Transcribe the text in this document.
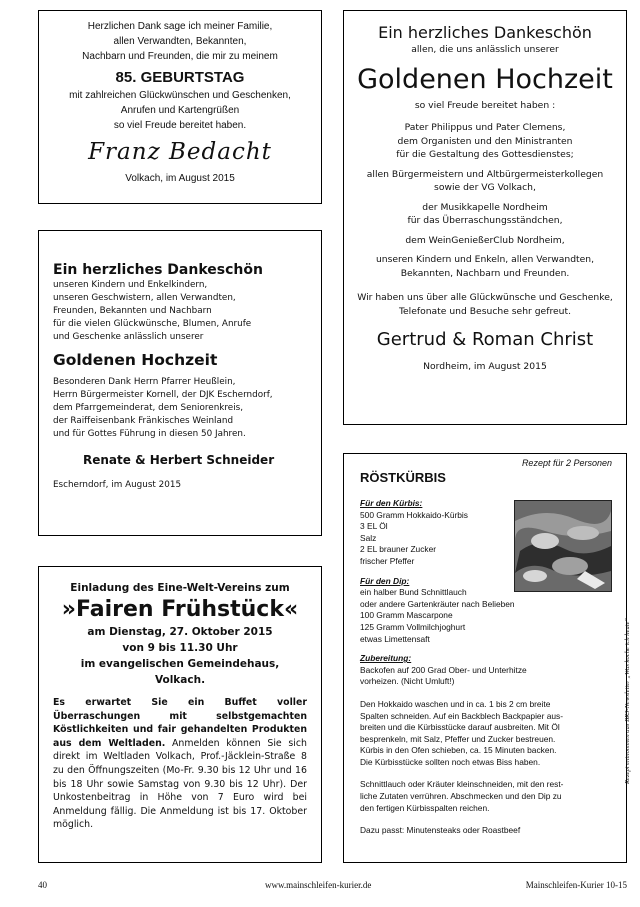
Herzlichen Dank sage ich meiner Familie,
allen Verwandten, Bekannten,
Nachbarn und Freunden, die mir zu meinem
85. GEBURTSTAG
mit zahlreichen Glückwünschen und Geschenken,
Anrufen und Kartengrüßen
so viel Freude bereitet haben.
Franz Bedacht
Volkach, im August 2015
Ein herzliches Dankeschön
allen, die uns anlässlich unserer
Goldenen Hochzeit
so viel Freude bereitet haben :
Pater Philippus und Pater Clemens,
dem Organisten und den Ministranten
für die Gestaltung des Gottesdienstes;
allen Bürgermeistern und Altbürgermeisterkollegen
sowie der VG Volkach,
der Musikkapelle Nordheim
für das Überraschungsständchen,
dem WeinGenießerClub Nordheim,
unseren Kindern und Enkeln, allen Verwandten,
Bekannten, Nachbarn und Freunden.
Wir haben uns über alle Glückwünsche und Geschenke,
Telefonate und Besuche sehr gefreut.
Gertrud & Roman Christ
Nordheim, im August 2015
Ein herzliches Dankeschön
unseren Kindern und Enkelkindern,
unseren Geschwistern, allen Verwandten,
Freunden, Bekannten und Nachbarn
für die vielen Glückwünsche, Blumen, Anrufe
und Geschenke anlässlich unserer
Goldenen Hochzeit
Besonderen Dank Herrn Pfarrer Heußlein,
Herrn Bürgermeister Kornell, der DJK Escherndorf,
dem Pfarrgemeinderat, dem Seniorenkreis,
der Raiffeisenbank Fränkisches Weinland
und für Gottes Führung in diesen 50 Jahren.
Renate & Herbert Schneider
Escherndorf, im August 2015
Einladung des Eine-Welt-Vereins zum
»Fairen Frühstück«
am Dienstag, 27. Oktober 2015
von 9 bis 11.30 Uhr
im evangelischen Gemeindehaus,
Volkach.

Es erwartet Sie ein Buffet voller Überraschungen mit selbstgemachten Köstlichkeiten und fair gehandelten Produkten aus dem Weltladen. Anmelden können Sie sich direkt im Weltladen Volkach, Prof.-Jäcklein-Straße 8 zu den Öffnungszeiten (Mo-Fr. 9.30 bis 12 Uhr und 16 bis 18 Uhr sowie Samstag von 9.30 bis 12 Uhr). Der Unkostenbeitrag in Höhe von 7 Euro wird bei Anmeldung fällig. Die Anmeldung ist bis 17. Oktober möglich.

Rezept für 2 Personen
RÖSTKÜRBIS
Für den Kürbis:
500 Gramm Hokkaido-Kürbis
3 EL Öl
Salz
2 EL brauner Zucker
frischer Pfeffer
Für den Dip:
ein halber Bund Schnittlauch
oder andere Gartenkräuter nach Belieben
100 Gramm Mascarpone
125 Gramm Vollmilchjoghurt
etwas Limettensaft
Zubereitung:
Backofen auf 200 Grad Ober- und Unterhitze
vorheizen. (Nicht Umluft!)
Den Hokkaido waschen und in ca. 1 bis 2 cm breite
Spalten schneiden. Auf ein Backblech Backpapier aus-
breiten und die Kürbisstücke darauf ausbreiten. Mit Öl
besprenkeln, mit Salz, Pfeffer und Zucker bestreuen.
Kürbis in den Ofen schieben, ca. 15 Minuten backen.
Die Kürbisstücke sollten noch etwas Biss haben.
Schnittlauch oder Kräuter kleinschneiden, mit den rest-
liche Zutaten verrühren. Abschmecken und den Dip zu
den fertigen Kürbisspalten reichen.
Dazu passt: Minutensteaks oder Roastbeef
Rezept entnommen aus BR3-Newsletter „Was koche ich heute“
40	www.mainschleifen-kurier.de	Mainschleifen-Kurier 10-15
